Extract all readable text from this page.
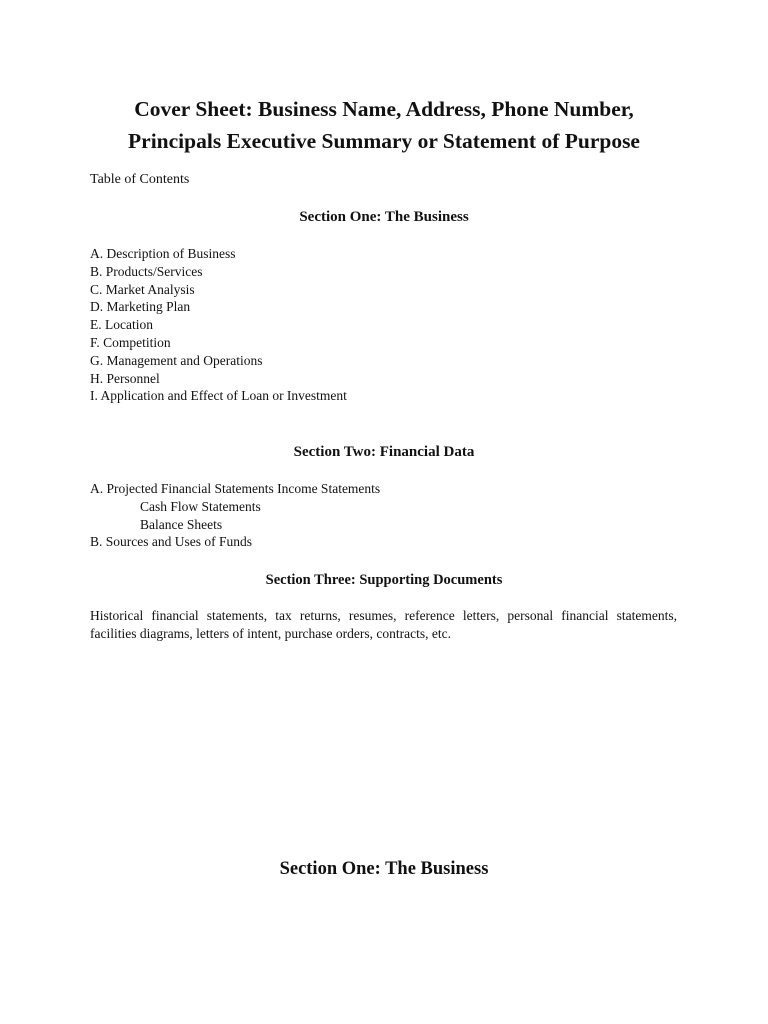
Cover Sheet: Business Name, Address, Phone Number,
Principals Executive Summary or Statement of Purpose

Table of Contents

Section One: The Business
A. Description of Business
B. Products/Services
C. Market Analysis
D. Marketing Plan
E. Location
F. Competition
G. Management and Operations
H. Personnel
I. Application and Effect of Loan or Investment
Section Two: Financial Data
A. Projected Financial Statements Income Statements
Cash Flow Statements
Balance Sheets
B. Sources and Uses of Funds
Section Three: Supporting Documents

Historical financial statements, tax returns, resumes, reference letters, personal financial statements, facilities diagrams, letters of intent, purchase orders, contracts, etc.

Section One: The Business
